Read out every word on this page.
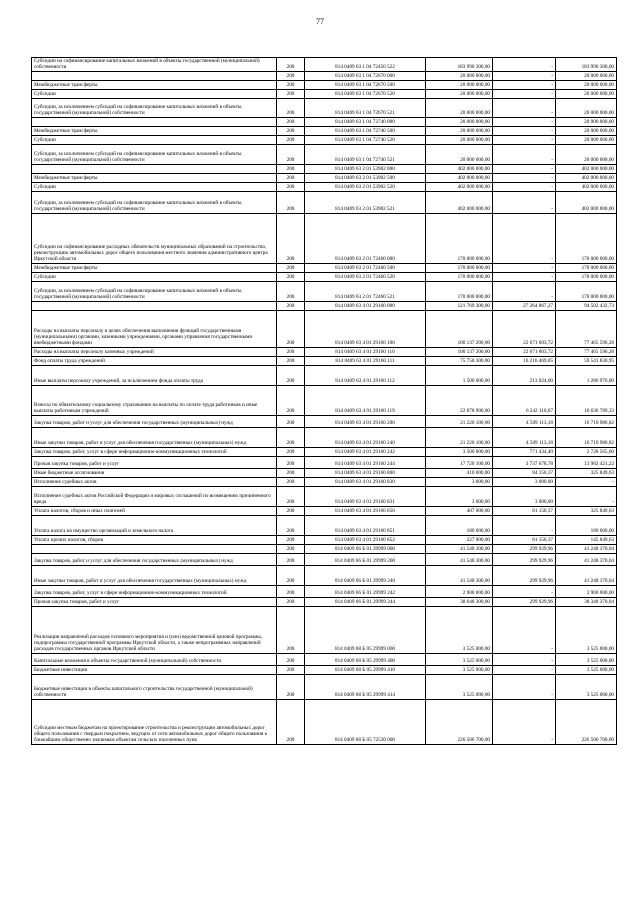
77
Субсидии на софинансирование капитальных вложений в объекты государственной (муниципальной) собственности	200	814 0409 63 1 04 72450 522	183 990 300,00	-	183 990 300,00
	200	814 0409 63 1 04 72670 000	20 000 000,00	-	20 000 000,00
Межбюджетные трансферты	200	814 0409 63 1 04 72670 500	20 000 000,00	-	20 000 000,00
Субсидии	200	814 0409 63 1 04 72670 520	20 000 000,00	-	20 000 000,00
Субсидии, за исключением субсидий на софинансирование капитальных вложений в объекты государственной (муниципальной) собственности	200	814 0409 63 1 04 72670 521	20 000 000,00	-	20 000 000,00
	200	814 0409 63 1 04 72740 000	20 000 000,00	-	20 000 000,00
Межбюджетные трансферты	200	814 0409 63 1 04 72740 500	20 000 000,00	-	20 000 000,00
Субсидии	200	814 0409 63 1 04 72740 520	20 000 000,00	-	20 000 000,00
Субсидии, за исключением субсидий на софинансирование капитальных вложений в объекты государственной (муниципальной) собственности	200	814 0409 63 1 04 72740 521	20 000 000,00	-	20 000 000,00
	200	814 0409 63 2 01 53902 000	402 000 000,00	-	402 000 000,00
Межбюджетные трансферты	200	814 0409 63 2 01 53902 500	402 000 000,00	-	402 000 000,00
Субсидии	200	814 0409 63 2 01 53902 520	402 000 000,00	-	402 000 000,00
Субсидии, за исключением субсидий на софинансирование капитальных вложений в объекты государственной (муниципальной) собственности	200	814 0409 63 2 01 53902 521	402 000 000,00	-	402 000 000,00
Субсидии на софинансирование расходных обязательств муниципальных образований на строительство, реконструкцию автомобильных дорог общего пользования местного значения административного центра Иркутской области	200	814 0409 63 2 01 72460 000	170 000 000,00	-	170 000 000,00
Межбюджетные трансферты	200	814 0409 63 2 01 72460 500	170 000 000,00	-	170 000 000,00
Субсидии	200	814 0409 63 2 01 72460 520	170 000 000,00	-	170 000 000,00
Субсидии, за исключением субсидий на софинансирование капитальных вложений в объекты государственной (муниципальной) собственности	200	814 0409 63 2 01 72460 521	170 000 000,00	-	170 000 000,00
	200	814 0409 63 4 01 29160 000	121 769 300,00	27 264 867,27	94 502 432,73
Расходы на выплаты персоналу в целях обеспечения выполнения функций государственными (муниципальными) органами, казенными учреждениями, органами управления государственными внебюджетными фондами	200	814 0409 63 4 01 29160 100	100 137 200,00	22 671 603,72	77 465 596,28
Расходы на выплаты персоналу казенных учреждений	200	814 0409 63 4 01 29160 110	100 137 200,00	22 671 603,72	77 465 596,28
Фонд оплаты труда учреждений	200	814 0409 63 4 01 29160 111	75 758 300,00	16 216 469,05	59 541 830,95
Иные выплаты персоналу учреждений, за исключением фонда оплаты труда	200	814 0409 63 4 01 29160 112	1 500 000,00	213 024,00	1 286 976,00
Взносы по обязательному социальному страхованию на выплаты по оплате труда работников и иные выплаты работникам учреждений	200	814 0409 63 4 01 29160 119	22 878 900,00	6 242 110,67	16 636 789,33
Закупка товаров, работ и услуг для обеспечения государственных (муниципальных) нужд	200	814 0409 63 4 01 29160 200	21 220 100,00	4 509 113,18	16 710 986,82
Иные закупки товаров, работ и услуг для обеспечения государственных (муниципальных) нужд	200	814 0409 63 4 01 29160 240	21 220 100,00	4 509 113,18	16 710 986,82
Закупка товаров, работ, услуг в сфере информационно-коммуникационных технологий	200	814 0409 63 4 01 29160 242	3 500 000,00	771 434,40	2 728 565,60
Прочая закупка товаров, работ и услуг	200	814 0409 63 4 01 29160 244	17 720 100,00	3 737 678,78	13 982 421,22
Иные бюджетные ассигнования	200	814 0409 63 4 01 29160 800	410 000,00	84 150,37	325 849,63
Исполнение судебных актов	200	814 0409 63 4 01 29160 830	3 000,00	3 000,00	-
Исполнение судебных актов Российской Федерации и мировых соглашений по возмещению причиненного вреда	200	814 0409 63 4 01 29160 831	3 000,00	3 000,00	-
Уплата налогов, сборов и иных платежей	200	814 0409 63 4 01 29160 850	407 000,00	81 150,37	325 849,63
Уплата налога на имущество организаций и земельного налога	200	814 0409 63 4 01 29160 851	180 000,00	-	180 000,00
Уплата прочих налогов, сборов	200	814 0409 63 4 01 29160 852	227 000,00	81 150,37	145 849,63
	200	814 0409 66 Б 01 29999 000	41 548 300,00	299 929,96	41 248 370,04
Закупка товаров, работ и услуг для обеспечения государственных (муниципальных) нужд	200	814 0409 66 Б 01 29999 200	41 548 300,00	299 929,96	41 248 370,04
Иные закупки товаров, работ и услуг для обеспечения государственных (муниципальных) нужд	200	814 0409 66 Б 01 29999 240	41 548 300,00	299 929,96	41 248 370,04
Закупка товаров, работ, услуг в сфере информационно-коммуникационных технологий	200	814 0409 66 Б 01 29999 242	2 900 000,00	-	2 900 000,00
Прочая закупка товаров, работ и услуг	200	814 0409 66 Б 01 29999 244	38 648 300,00	299 929,96	38 348 370,04
Реализация направлений расходов основного мероприятия и (или) ведомственной целевой программы, подпрограммы государственной программы Иркутской области, а также непрограммных направлений расходов государственных органов Иркутской области	200	814 0409 68 Б 05 29999 000	3 525 000,00	-	3 525 000,00
Капитальные вложения в объекты государственной (муниципальной) собственности	200	814 0409 68 Б 05 29999 400	3 525 000,00	-	3 525 000,00
Бюджетные инвестиции	200	814 0409 68 Б 05 29999 410	3 525 000,00	-	3 525 000,00
Бюджетные инвестиции в объекты капитального строительства государственной (муниципальной) собственности	200	814 0409 68 Б 05 29999 414	3 525 000,00	-	3 525 000,00
Субсидии местным бюджетам на проектирование строительства и реконструкции автомобильных дорог общего пользования с твердым покрытием, ведущих от сети автомобильных дорог общего пользования к ближайшим общественно значимым объектам сельских населенных пунк	200	814 0409 68 Б 05 72530 000	226 506 700,00	-	226 506 700,00
